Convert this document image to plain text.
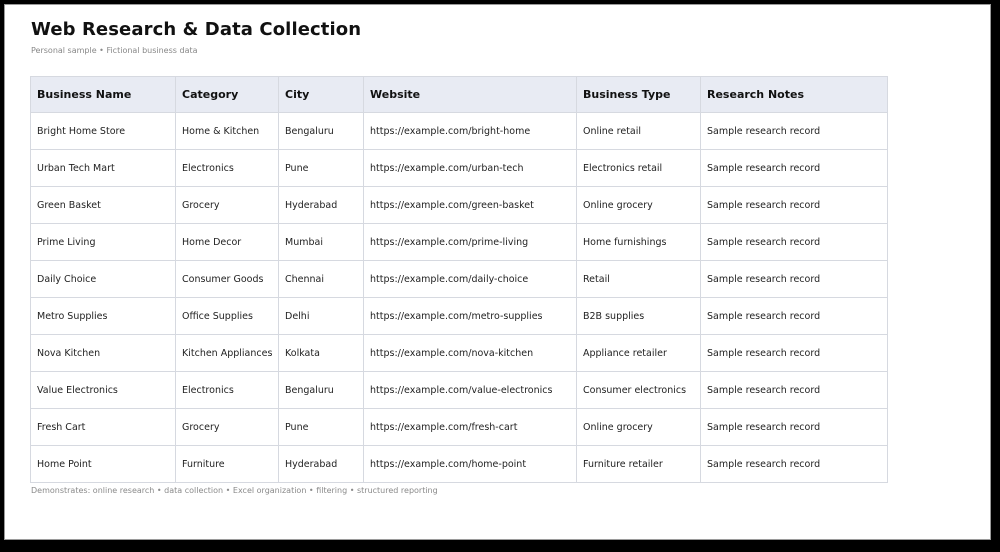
Web Research & Data Collection
Personal sample • Fictional business data
Business Name	Category	City	Website	Business Type	Research Notes
Bright Home Store	Home & Kitchen	Bengaluru	https://example.com/bright-home	Online retail	Sample research record
Urban Tech Mart	Electronics	Pune	https://example.com/urban-tech	Electronics retail	Sample research record
Green Basket	Grocery	Hyderabad	https://example.com/green-basket	Online grocery	Sample research record
Prime Living	Home Decor	Mumbai	https://example.com/prime-living	Home furnishings	Sample research record
Daily Choice	Consumer Goods	Chennai	https://example.com/daily-choice	Retail	Sample research record
Metro Supplies	Office Supplies	Delhi	https://example.com/metro-supplies	B2B supplies	Sample research record
Nova Kitchen	Kitchen Appliances	Kolkata	https://example.com/nova-kitchen	Appliance retailer	Sample research record
Value Electronics	Electronics	Bengaluru	https://example.com/value-electronics	Consumer electronics	Sample research record
Fresh Cart	Grocery	Pune	https://example.com/fresh-cart	Online grocery	Sample research record
Home Point	Furniture	Hyderabad	https://example.com/home-point	Furniture retailer	Sample research record
Demonstrates: online research • data collection • Excel organization • filtering • structured reporting
